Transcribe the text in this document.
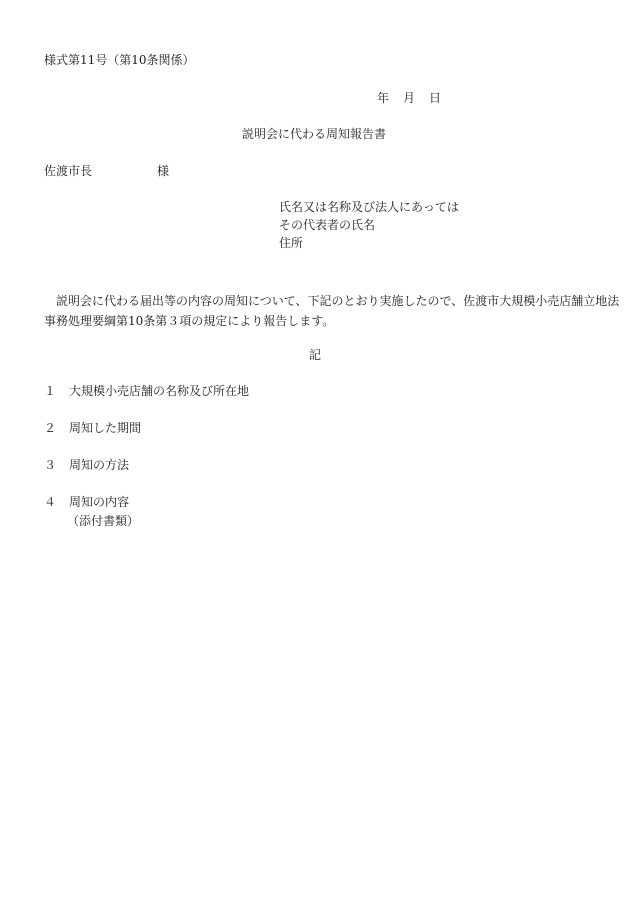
様式第11号（第10条関係）
年 月 日
説明会に代わる周知報告書
佐渡市長	様
氏名又は名称及び法人にあっては
その代表者の氏名
住所
説明会に代わる届出等の内容の周知について、下記のとおり実施したので、佐渡市大規模小売店舗立地法事務処理要綱第10条第３項の規定により報告します。
記
１ 大規模小売店舗の名称及び所在地
２ 周知した期間
３ 周知の方法
４ 周知の内容
（添付書類）
